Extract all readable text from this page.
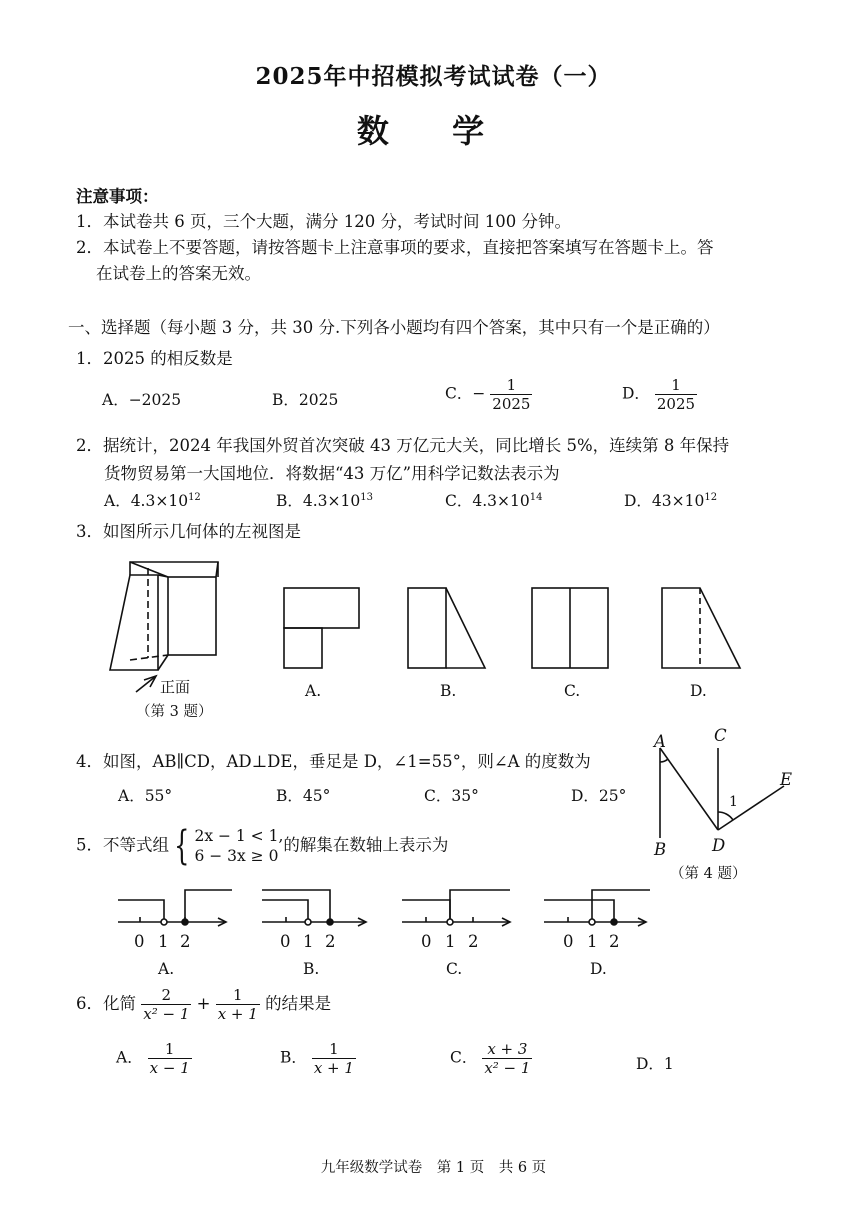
2025年中招模拟考试试卷（一）
数 学
注意事项：
1．本试卷共 6 页，三个大题，满分 120 分，考试时间 100 分钟。
2．本试卷上不要答题，请按答题卡上注意事项的要求，直接把答案填写在答题卡上。答
在试卷上的答案无效。
一、选择题（每小题 3 分，共 30 分.下列各小题均有四个答案，其中只有一个是正确的）
1．2025 的相反数是
A．−2025	B．2025	C．− $\frac{1}{2025}$	D． $\frac{1}{2025}$
2．据统计，2024 年我国外贸首次突破 43 万亿元大关，同比增长 5%，连续第 8 年保持
货物贸易第一大国地位．将数据“43 万亿”用科学记数法表示为
A．$4.3\times 10^{12}$	B．$4.3\times 10^{13}$	C．$4.3\times 10^{14}$	D．$43\times 10^{12}$
3．如图所示几何体的左视图是
正面
（第 3 题）
A.	B.	C.	D.
4．如图，AB∥CD，AD⊥DE，垂足是 D，∠1=55°，则∠A 的度数为
A．55°	B．45°	C．35°	D．25°
A
B
C
D
E
1
（第 4 题）
5．不等式组 { 2x − 1 < 1,
6 − 3x ≥ 0
的解集在数轴上表示为
0 1 2	0 1 2	0 1 2	0 1 2
A.	B.	C.	D.
6．化简 $\frac{2}{\text{x² − 1}} + \frac{1}{x + 1}$ 的结果是
A． $\frac{1}{x - 1}$	B． $\frac{1}{x + 1}$	C． $\frac{x + 3}{\text{x² − 1}}$	D．1
九年级数学试卷　第 1 页　共 6 页
